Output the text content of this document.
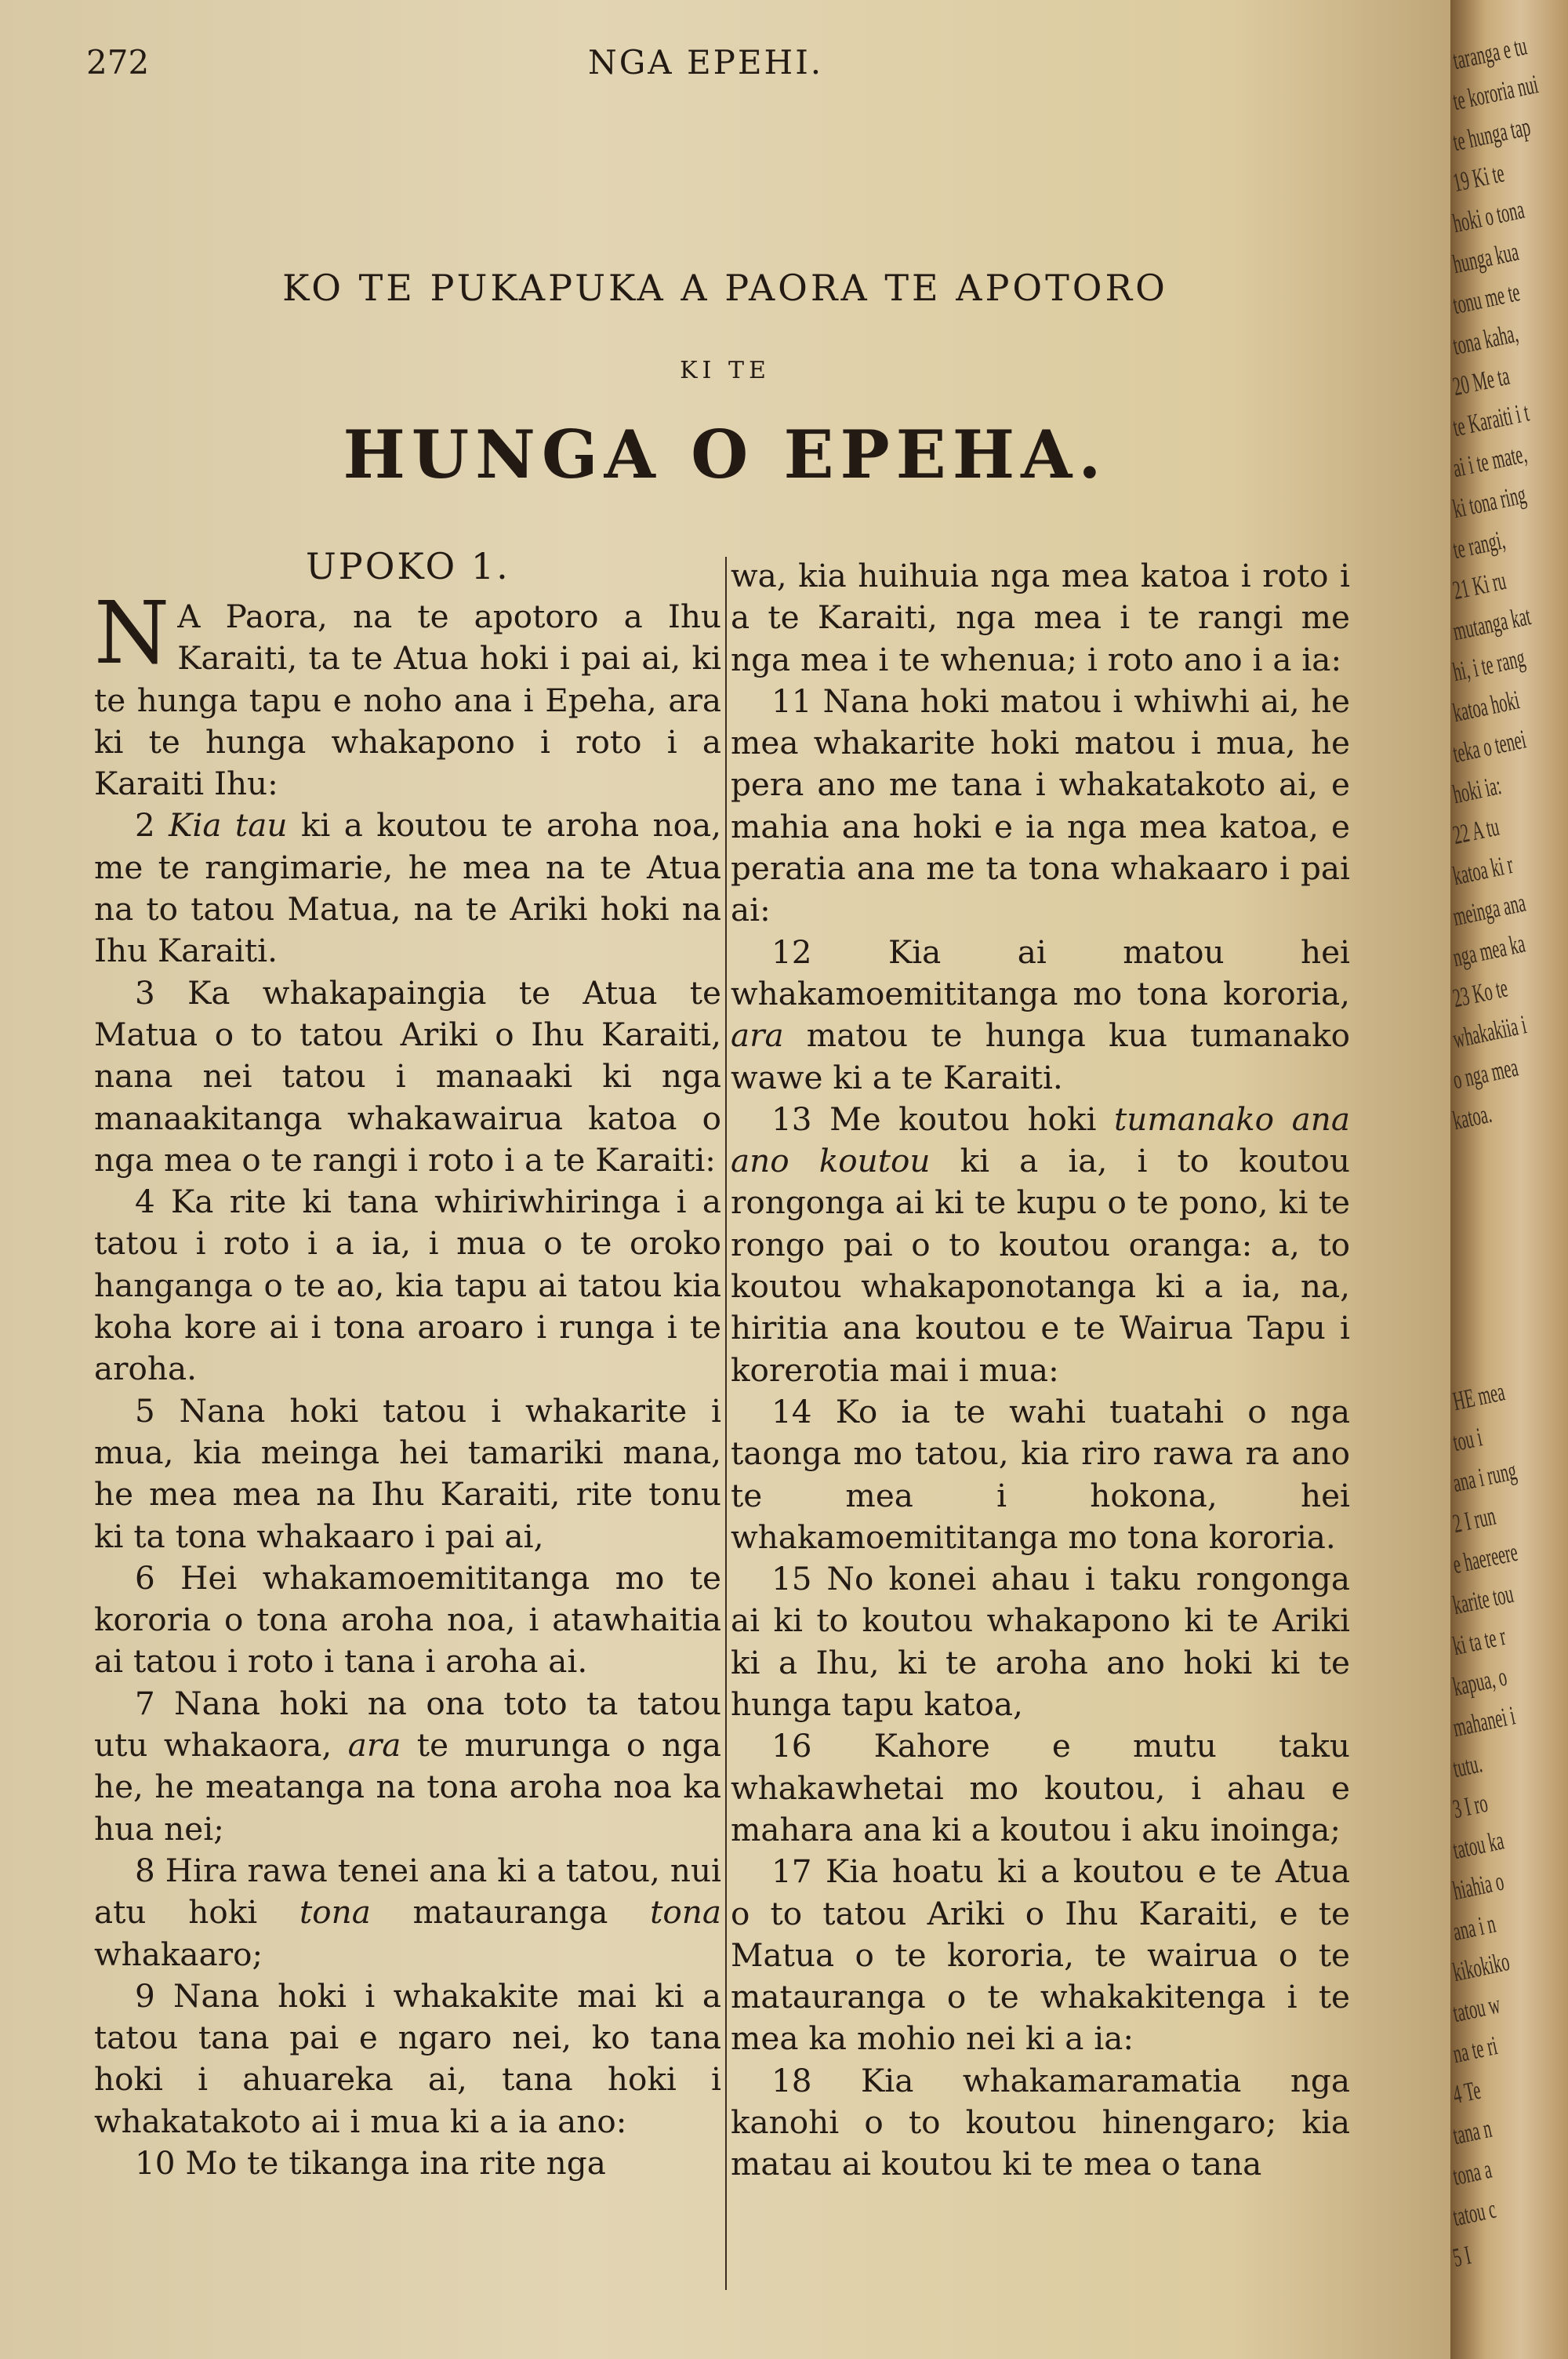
272	NGA EPEHI.
KO TE PUKAPUKA A PAORA TE APOTORO
KI TE
HUNGA O EPEHA.
UPOKO 1.

N A Paora, na te apotoro a Ihu Karaiti, ta te Atua hoki i pai ai, ki te hunga tapu e noho ana i Epeha, ara ki te hunga whakapono i roto i a Karaiti Ihu:

2 Kia tau ki a koutou te aroha noa, me te rangimarie, he mea na te Atua na to tatou Matua, na te Ariki hoki na Ihu Karaiti.

3 Ka whakapaingia te Atua te Matua o to tatou Ariki o Ihu Karaiti, nana nei tatou i manaaki ki nga manaakitanga whakawairua katoa o nga mea o te rangi i roto i a te Karaiti:

4 Ka rite ki tana whiriwhiringa i a tatou i roto i a ia, i mua o te oroko hanganga o te ao, kia tapu ai tatou kia koha kore ai i tona aroaro i runga i te aroha.

5 Nana hoki tatou i whakarite i mua, kia meinga hei tamariki mana, he mea mea na Ihu Karaiti, rite tonu ki ta tona whakaaro i pai ai,

6 Hei whakamoemititanga mo te kororia o tona aroha noa, i atawhaitia ai tatou i roto i tana i aroha ai.

7 Nana hoki na ona toto ta tatou utu whakaora, ara te murunga o nga he, he meatanga na tona aroha noa ka hua nei;

8 Hira rawa tenei ana ki a tatou, nui atu hoki tona matauranga tona whakaaro;

9 Nana hoki i whakakite mai ki a tatou tana pai e ngaro nei, ko tana hoki i ahuareka ai, tana hoki i whakatakoto ai i mua ki a ia ano:

10 Mo te tikanga ina rite nga

wa, kia huihuia nga mea katoa i roto i a te Karaiti, nga mea i te rangi me nga mea i te whenua; i roto ano i a ia:

11 Nana hoki matou i whiwhi ai, he mea whakarite hoki matou i mua, he pera ano me tana i whakatakoto ai, e mahia ana hoki e ia nga mea katoa, e peratia ana me ta tona whakaaro i pai ai:

12 Kia ai matou hei whakamoemititanga mo tona kororia, ara matou te hunga kua tumanako wawe ki a te Karaiti.

13 Me koutou hoki tumanako ana ano koutou ki a ia, i to koutou rongonga ai ki te kupu o te pono, ki te rongo pai o to koutou oranga: a, to koutou whakaponotanga ki a ia, na, hiritia ana koutou e te Wairua Tapu i korerotia mai i mua:

14 Ko ia te wahi tuatahi o nga taonga mo tatou, kia riro rawa ra ano te mea i hokona, hei whakamoemititanga mo tona kororia.

15 No konei ahau i taku rongonga ai ki to koutou whakapono ki te Ariki ki a Ihu, ki te aroha ano hoki ki te hunga tapu katoa,

16 Kahore e mutu taku whakawhetai mo koutou, i ahau e mahara ana ki a koutou i aku inoinga;

17 Kia hoatu ki a koutou e te Atua o to tatou Ariki o Ihu Karaiti, e te Matua o te kororia, te wairua o te matauranga o te whakakitenga i te mea ka mohio nei ki a ia:

18 Kia whakamaramatia nga kanohi o to koutou hinengaro; kia matau ai koutou ki te mea o tana

taranga e tu
te kororia nui
te hunga tap
19 Ki te
hoki o tona
hunga kua
tonu me te
tona kaha,
20 Me ta
te Karaiti i t
ai i te mate,
ki tona ring
te rangi,
21 Ki ru
mutanga kat
hi, i te rang
katoa hoki
teka o tenei
hoki ia:
22 A tu
katoa ki r
meinga ana
nga mea ka
23 Ko te
whakakiia i
o nga mea
katoa.
HE mea
tou i
ana i rung
2 I run
e haereere
karite tou
ki ta te r
kapua, o
mahanei i
tutu.
3 I ro
tatou ka
hiahia o
ana i n
kikokiko
tatou w
na te ri
4 Te
tana n
tona a
tatou c
5 I
